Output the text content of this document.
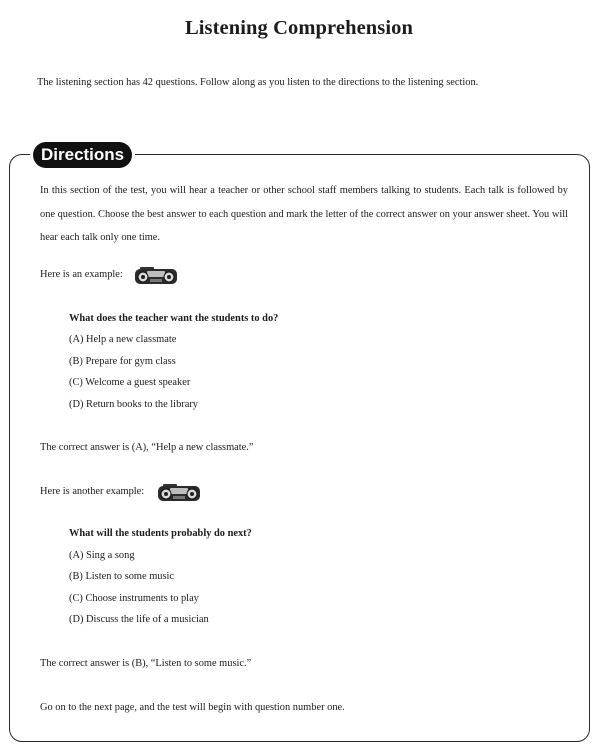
Listening Comprehension
The listening section has 42 questions. Follow along as you listen to the directions to the listening section.
Directions
In this section of the test, you will hear a teacher or other school staff members talking to students. Each talk is followed by one question. Choose the best answer to each question and mark the letter of the correct answer on your answer sheet. You will hear each talk only one time.
Here is an example:
What does the teacher want the students to do?
(A) Help a new classmate
(B) Prepare for gym class
(C) Welcome a guest speaker
(D) Return books to the library
The correct answer is (A), “Help a new classmate.”
Here is another example:
What will the students probably do next?
(A) Sing a song
(B) Listen to some music
(C) Choose instruments to play
(D) Discuss the life of a musician
The correct answer is (B), “Listen to some music.”
Go on to the next page, and the test will begin with question number one.
